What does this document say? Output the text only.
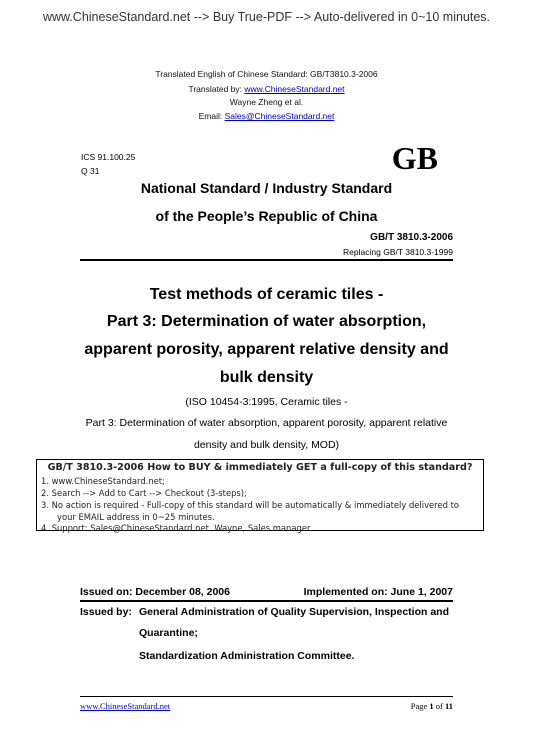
www.ChineseStandard.net --> Buy True-PDF --> Auto-delivered in 0~10 minutes.
Translated English of Chinese Standard: GB/T3810.3-2006
Translated by: www.ChineseStandard.net
Wayne Zheng et al.
Email: Sales@ChineseStandard.net
ICS 91.100.25
Q 31	GB
National Standard / Industry Standard
of the People’s Republic of China
GB/T 3810.3-2006
Replacing GB/T 3810.3-1999
Test methods of ceramic tiles -
Part 3: Determination of water absorption,
apparent porosity, apparent relative density and
bulk density
(ISO 10454-3:1995, Ceramic tiles -
Part 3: Determination of water absorption, apparent porosity, apparent relative
density and bulk density, MOD)
GB/T 3810.3-2006 How to BUY & immediately GET a full-copy of this standard?
1. www.ChineseStandard.net;
2. Search --> Add to Cart --> Checkout (3-steps);
3. No action is required - Full-copy of this standard will be automatically & immediately delivered to
your EMAIL address in 0~25 minutes.
4. Support: Sales@ChineseStandard.net. Wayne, Sales manager
Issued on: December 08, 2006	Implemented on: June 1, 2007
Issued by: General Administration of Quality Supervision, Inspection and
Quarantine;
Standardization Administration Committee.
www.ChineseStandard.net	Page 1 of 11
